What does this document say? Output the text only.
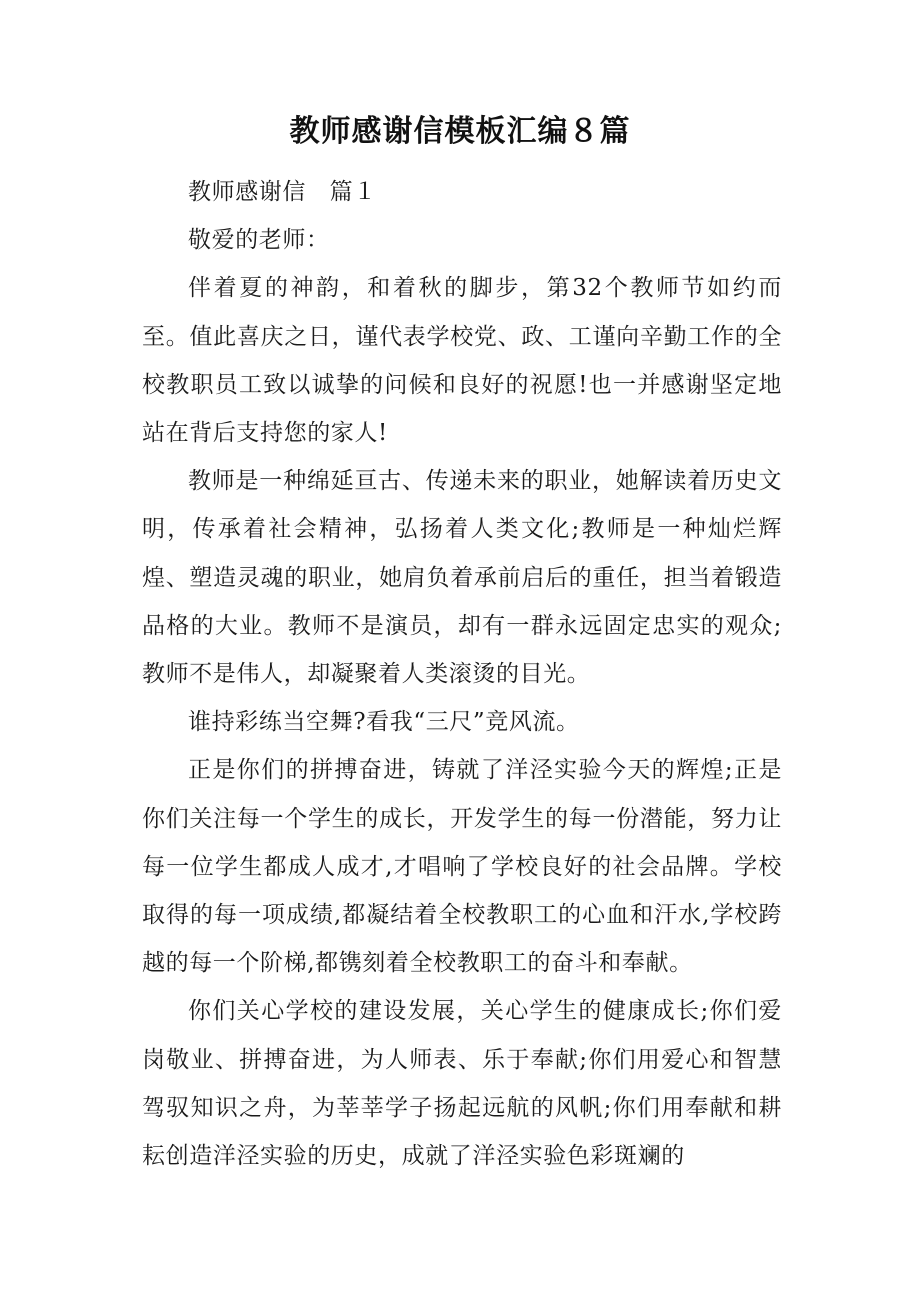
教师感谢信模板汇编８篇

教师感谢信　篇１

敬爱的老师：

伴着夏的神韵，和着秋的脚步，第32个教师节如约而至。值此喜庆之日，谨代表学校党、政、工谨向辛勤工作的全校教职员工致以诚挚的问候和良好的祝愿!也一并感谢坚定地站在背后支持您的家人!

教师是一种绵延亘古、传递未来的职业，她解读着历史文明，传承着社会精神，弘扬着人类文化;教师是一种灿烂辉煌、塑造灵魂的职业，她肩负着承前启后的重任，担当着锻造品格的大业。教师不是演员，却有一群永远固定忠实的观众;教师不是伟人，却凝聚着人类滚烫的目光。

谁持彩练当空舞?看我“三尺”竞风流。

正是你们的拼搏奋进，铸就了洋泾实验今天的辉煌;正是你们关注每一个学生的成长，开发学生的每一份潜能，努力让每一位学生都成人成才,才唱响了学校良好的社会品牌。学校取得的每一项成绩,都凝结着全校教职工的心血和汗水,学校跨越的每一个阶梯,都镌刻着全校教职工的奋斗和奉献。

你们关心学校的建设发展，关心学生的健康成长;你们爱岗敬业、拼搏奋进，为人师表、乐于奉献;你们用爱心和智慧驾驭知识之舟，为莘莘学子扬起远航的风帆;你们用奉献和耕耘创造洋泾实验的历史，成就了洋泾实验色彩斑斓的
